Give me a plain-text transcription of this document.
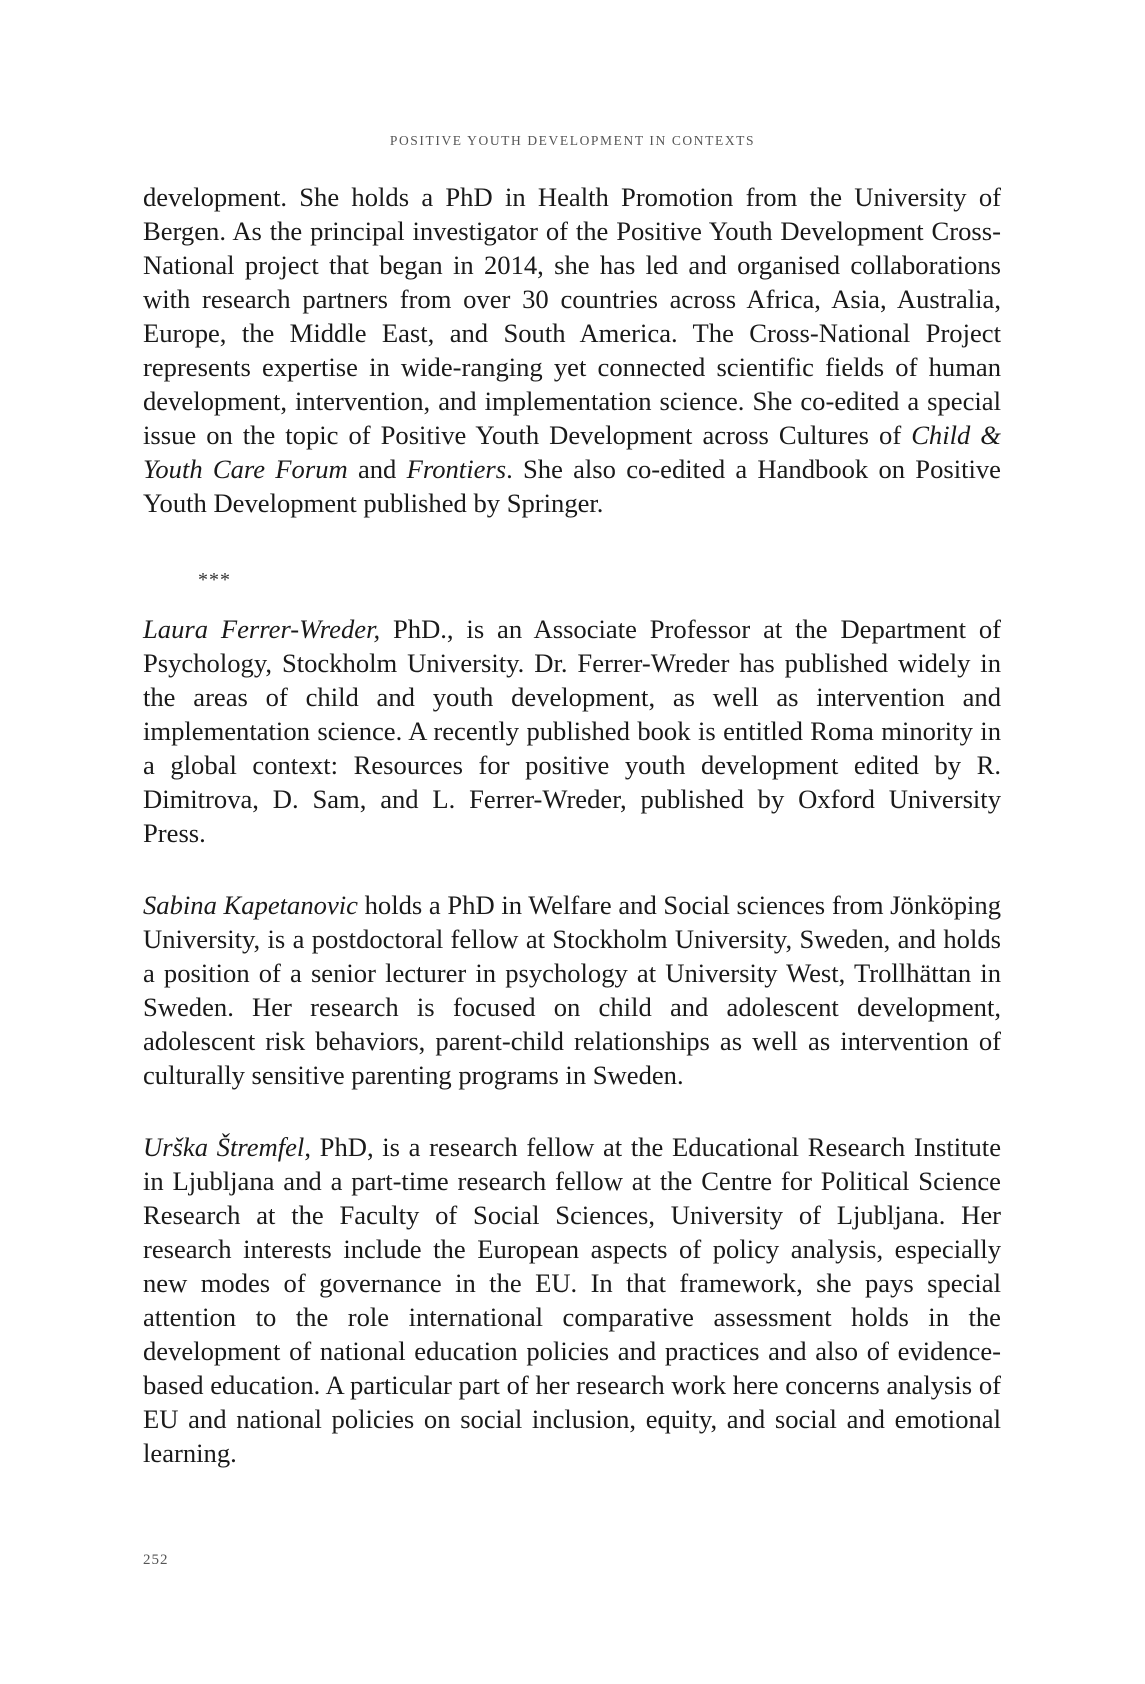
POSITIVE YOUTH DEVELOPMENT IN CONTEXTS

development. She holds a PhD in Health Promotion from the University of Bergen. As the principal investigator of the Positive Youth Development Cross-National project that began in 2014, she has led and organised collaborations with research partners from over 30 countries across Africa, Asia, Australia, Europe, the Middle East, and South America. The Cross-National Project represents expertise in wide-ranging yet connected scientific fields of human development, intervention, and implementation science. She co-edited a special issue on the topic of Positive Youth Development across Cultures of Child & Youth Care Forum and Frontiers. She also co-edited a Handbook on Positive Youth Development published by Springer.

***

Laura Ferrer-Wreder, PhD., is an Associate Professor at the Department of Psychology, Stockholm University. Dr. Ferrer-Wreder has published widely in the areas of child and youth development, as well as intervention and implementation science. A recently published book is entitled Roma minority in a global context: Resources for positive youth development edited by R. Dimitrova, D. Sam, and L. Ferrer-Wreder, published by Oxford University Press.

Sabina Kapetanovic holds a PhD in Welfare and Social sciences from Jönköping University, is a postdoctoral fellow at Stockholm University, Sweden, and holds a position of a senior lecturer in psychology at University West, Trollhättan in Sweden. Her research is focused on child and adolescent development, adolescent risk behaviors, parent-child relationships as well as intervention of culturally sensitive parenting programs in Sweden.

Urška Štremfel, PhD, is a research fellow at the Educational Research Institute in Ljubljana and a part-time research fellow at the Centre for Political Science Research at the Faculty of Social Sciences, University of Ljubljana. Her research interests include the European aspects of policy analysis, especially new modes of governance in the EU. In that framework, she pays special attention to the role international comparative assessment holds in the development of national education policies and practices and also of evidence-based education. A particular part of her research work here concerns analysis of EU and national policies on social inclusion, equity, and social and emotional learning.

252
